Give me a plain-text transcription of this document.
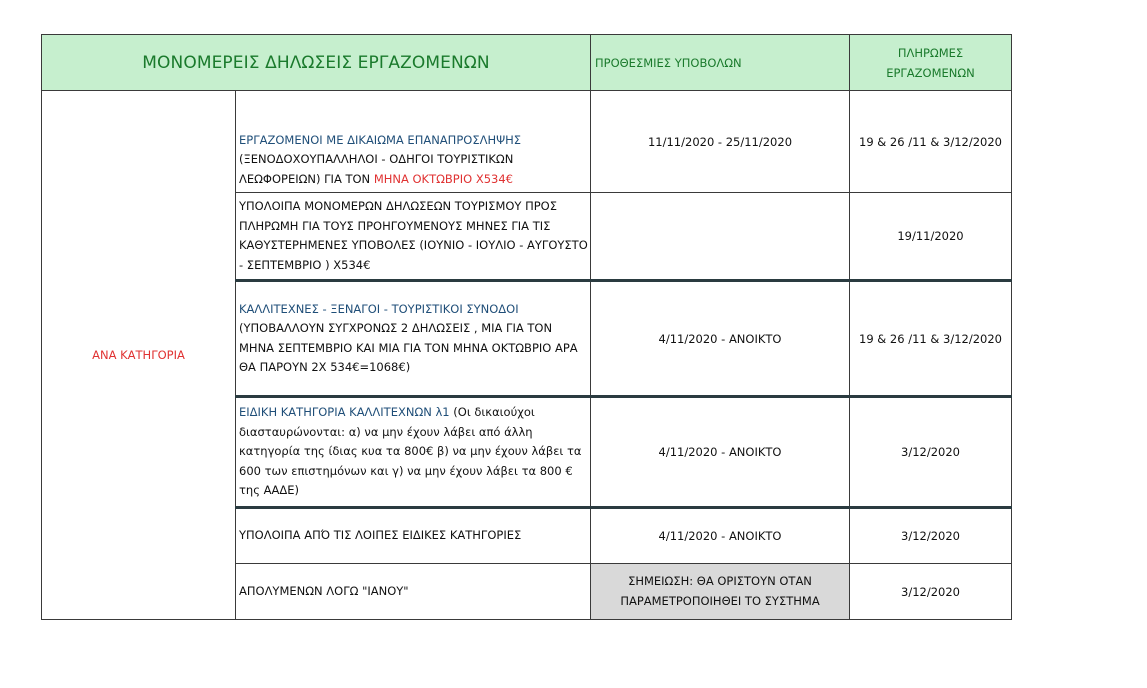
ΜΟΝΟΜΕΡΕΙΣ ΔΗΛΩΣΕΙΣ ΕΡΓΑΖΟΜΕΝΩΝ		ΠΡΟΘΕΣΜΙΕΣ ΥΠΟΒΟΛΩΝ	ΠΛΗΡΩΜΕΣ
ΕΡΓΑΖΟΜΕΝΩΝ
ΑΝΑ ΚΑΤΗΓΟΡΙΑ	ΕΡΓΑΖΟΜΕΝΟΙ ΜΕ ΔΙΚΑΙΩΜΑ ΕΠΑΝΑΠΡΟΣΛΗΨΗΣ (ΞΕΝΟΔΟΧΟΥΠΑΛΛΗΛΟΙ - ΟΔΗΓΟΙ ΤΟΥΡΙΣΤΙΚΩΝ ΛΕΩΦΟΡΕΙΩΝ) ΓΙΑ ΤΟΝ ΜΗΝΑ ΟΚΤΩΒΡΙΟ Χ534€	11/11/2020 - 25/11/2020	19 & 26 /11 & 3/12/2020
	ΥΠΟΛΟΙΠΑ ΜΟΝΟΜΕΡΩΝ ΔΗΛΩΣΕΩΝ ΤΟΥΡΙΣΜΟΥ ΠΡΟΣ ΠΛΗΡΩΜΗ ΓΙΑ ΤΟΥΣ ΠΡΟΗΓΟΥΜΕΝΟΥΣ ΜΗΝΕΣ ΓΙΑ ΤΙΣ ΚΑΘΥΣΤΕΡΗΜΕΝΕΣ ΥΠΟΒΟΛΕΣ (ΙΟΥΝΙΟ - ΙΟΥΛΙΟ - ΑΥΓΟΥΣΤΟ - ΣΕΠΤΕΜΒΡΙΟ ) Χ534€		19/11/2020
	ΚΑΛΛΙΤΕΧΝΕΣ - ΞΕΝΑΓΟΙ - ΤΟΥΡΙΣΤΙΚΟΙ ΣΥΝΟΔΟΙ (ΥΠΟΒΑΛΛΟΥΝ ΣΥΓΧΡΟΝΩΣ 2 ΔΗΛΩΣΕΙΣ , ΜΙΑ ΓΙΑ ΤΟΝ ΜΗΝΑ ΣΕΠΤΕΜΒΡΙΟ ΚΑΙ ΜΙΑ ΓΙΑ ΤΟΝ ΜΗΝΑ ΟΚΤΩΒΡΙΟ ΑΡΑ ΘΑ ΠΑΡΟΥΝ 2Χ 534€=1068€)	4/11/2020 - ΑΝΟΙΚΤΟ	19 & 26 /11 & 3/12/2020
	ΕΙΔΙΚΗ ΚΑΤΗΓΟΡΙΑ ΚΑΛΛΙΤΕΧΝΩΝ λ1 (Οι δικαιούχοι διασταυρώνονται: α) να μην έχουν λάβει από άλλη κατηγορία της ίδιας κυα τα 800€ β) να μην έχουν λάβει τα 600 των επιστημόνων και γ) να μην έχουν λάβει τα 800 € της ΑΑΔΕ)	4/11/2020 - ΑΝΟΙΚΤΟ	3/12/2020
	ΥΠΟΛΟΙΠΑ ΑΠΌ ΤΙΣ ΛΟΙΠΕΣ ΕΙΔΙΚΕΣ ΚΑΤΗΓΟΡΙΕΣ	4/11/2020 - ΑΝΟΙΚΤΟ	3/12/2020
	ΑΠΟΛΥΜΕΝΩΝ ΛΟΓΩ "ΙΑΝΟΥ"	ΣΗΜΕΙΩΣΗ: ΘΑ ΟΡΙΣΤΟΥΝ ΟΤΑΝ ΠΑΡΑΜΕΤΡΟΠΟΙΗΘΕΙ ΤΟ ΣΥΣΤΗΜΑ	3/12/2020
